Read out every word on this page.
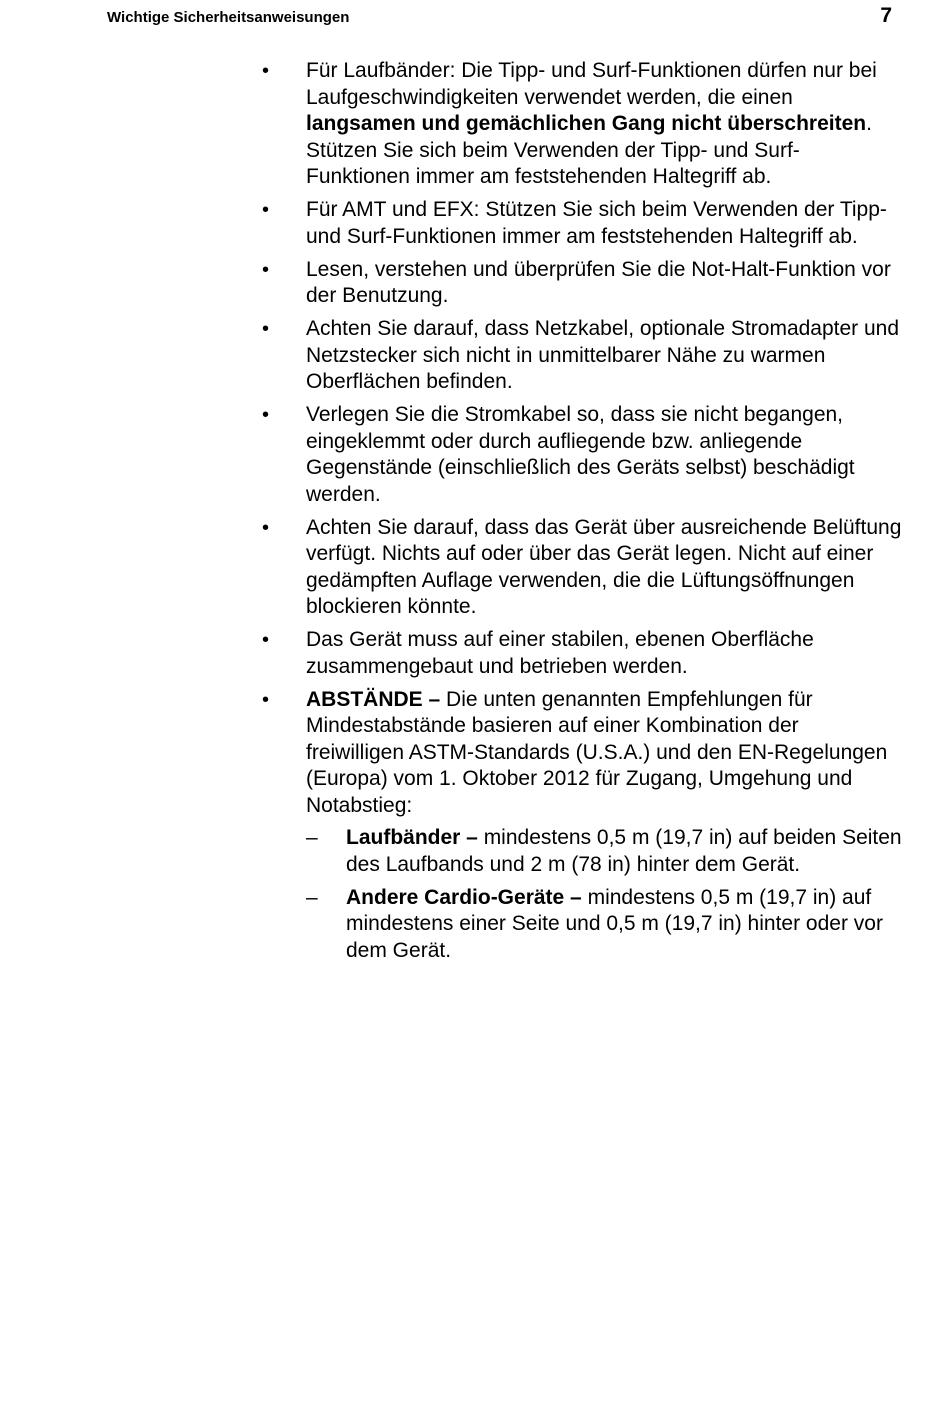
Wichtige Sicherheitsanweisungen	7
•	Für Laufbänder: Die Tipp- und Surf-Funktionen dürfen nur bei Laufgeschwindigkeiten verwendet werden, die einen langsamen und gemächlichen Gang nicht überschreiten. Stützen Sie sich beim Verwenden der Tipp- und Surf-Funktionen immer am feststehenden Haltegriff ab.
•	Für AMT und EFX: Stützen Sie sich beim Verwenden der Tipp- und Surf-Funktionen immer am feststehenden Haltegriff ab.
•	Lesen, verstehen und überprüfen Sie die Not-Halt-Funktion vor der Benutzung.
•	Achten Sie darauf, dass Netzkabel, optionale Stromadapter und Netzstecker sich nicht in unmittelbarer Nähe zu warmen Oberflächen befinden.
•	Verlegen Sie die Stromkabel so, dass sie nicht begangen, eingeklemmt oder durch aufliegende bzw. anliegende Gegenstände (einschließlich des Geräts selbst) beschädigt werden.
•	Achten Sie darauf, dass das Gerät über ausreichende Belüftung verfügt. Nichts auf oder über das Gerät legen. Nicht auf einer gedämpften Auflage verwenden, die die Lüftungsöffnungen blockieren könnte.
•	Das Gerät muss auf einer stabilen, ebenen Oberfläche zusammengebaut und betrieben werden.
•	ABSTÄNDE – Die unten genannten Empfehlungen für Mindestabstände basieren auf einer Kombination der freiwilligen ASTM-Standards (U.S.A.) und den EN-Regelungen (Europa) vom 1. Oktober 2012 für Zugang, Umgehung und Notabstieg:
–	Laufbänder – mindestens 0,5 m (19,7 in) auf beiden Seiten des Laufbands und 2 m (78 in) hinter dem Gerät.
–	Andere Cardio-Geräte – mindestens 0,5 m (19,7 in) auf mindestens einer Seite und 0,5 m (19,7 in) hinter oder vor dem Gerät.
